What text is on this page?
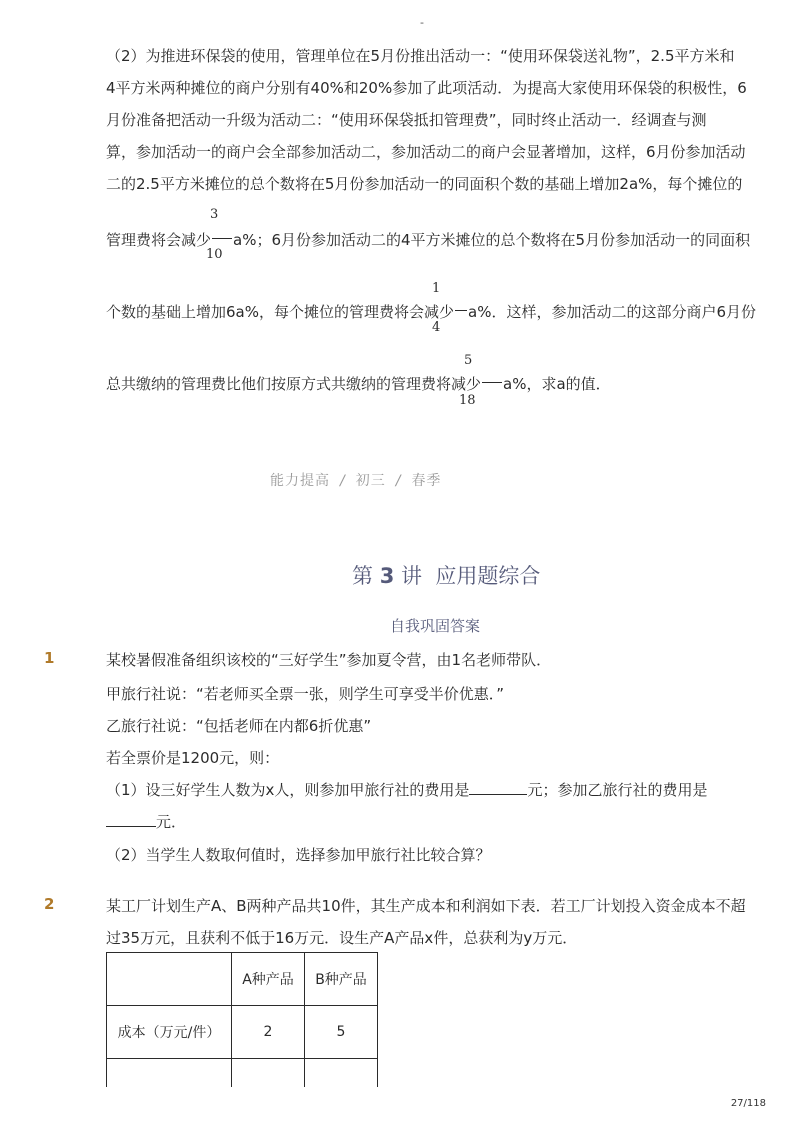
-
（2）为推进环保袋的使用，管理单位在5月份推出活动一：“使用环保袋送礼物”，2.5平方米和
4平方米两种摊位的商户分别有40%和20%参加了此项活动．为提高大家使用环保袋的积极性，6
月份准备把活动一升级为活动二：“使用环保袋抵扣管理费”，同时终止活动一．经调查与测
算，参加活动一的商户会全部参加活动二，参加活动二的商户会显著增加，这样，6月份参加活动
二的2.5平方米摊位的总个数将在5月份参加活动一的同面积个数的基础上增加2a%，每个摊位的
3
管理费将会减少 a%；6月份参加活动二的4平方米摊位的总个数将在5月份参加活动一的同面积
10
1
个数的基础上增加6a%，每个摊位的管理费将会减少 a%．这样，参加活动二的这部分商户6月份
4
5
总共缴纳的管理费比他们按原方式共缴纳的管理费将减少 a%，求a的值．
18
能力提高 / 初三 / 春季
第 3 讲  应用题综合
自我巩固答案
1	某校暑假准备组织该校的“三好学生”参加夏令营，由1名老师带队．
甲旅行社说：“若老师买全票一张，则学生可享受半价优惠．”
乙旅行社说：“包括老师在内都6折优惠”
若全票价是1200元，则：
（1）设三好学生人数为x人，则参加甲旅行社的费用是	元；参加乙旅行社的费用是
元．
（2）当学生人数取何值时，选择参加甲旅行社比较合算？
2	某工厂计划生产A、B两种产品共10件，其生产成本和利润如下表．若工厂计划投入资金成本不超
过35万元，且获利不低于16万元．设生产A产品x件，总获利为y万元．
	A种产品	B种产品
成本（万元/件）	2	5

27/118
